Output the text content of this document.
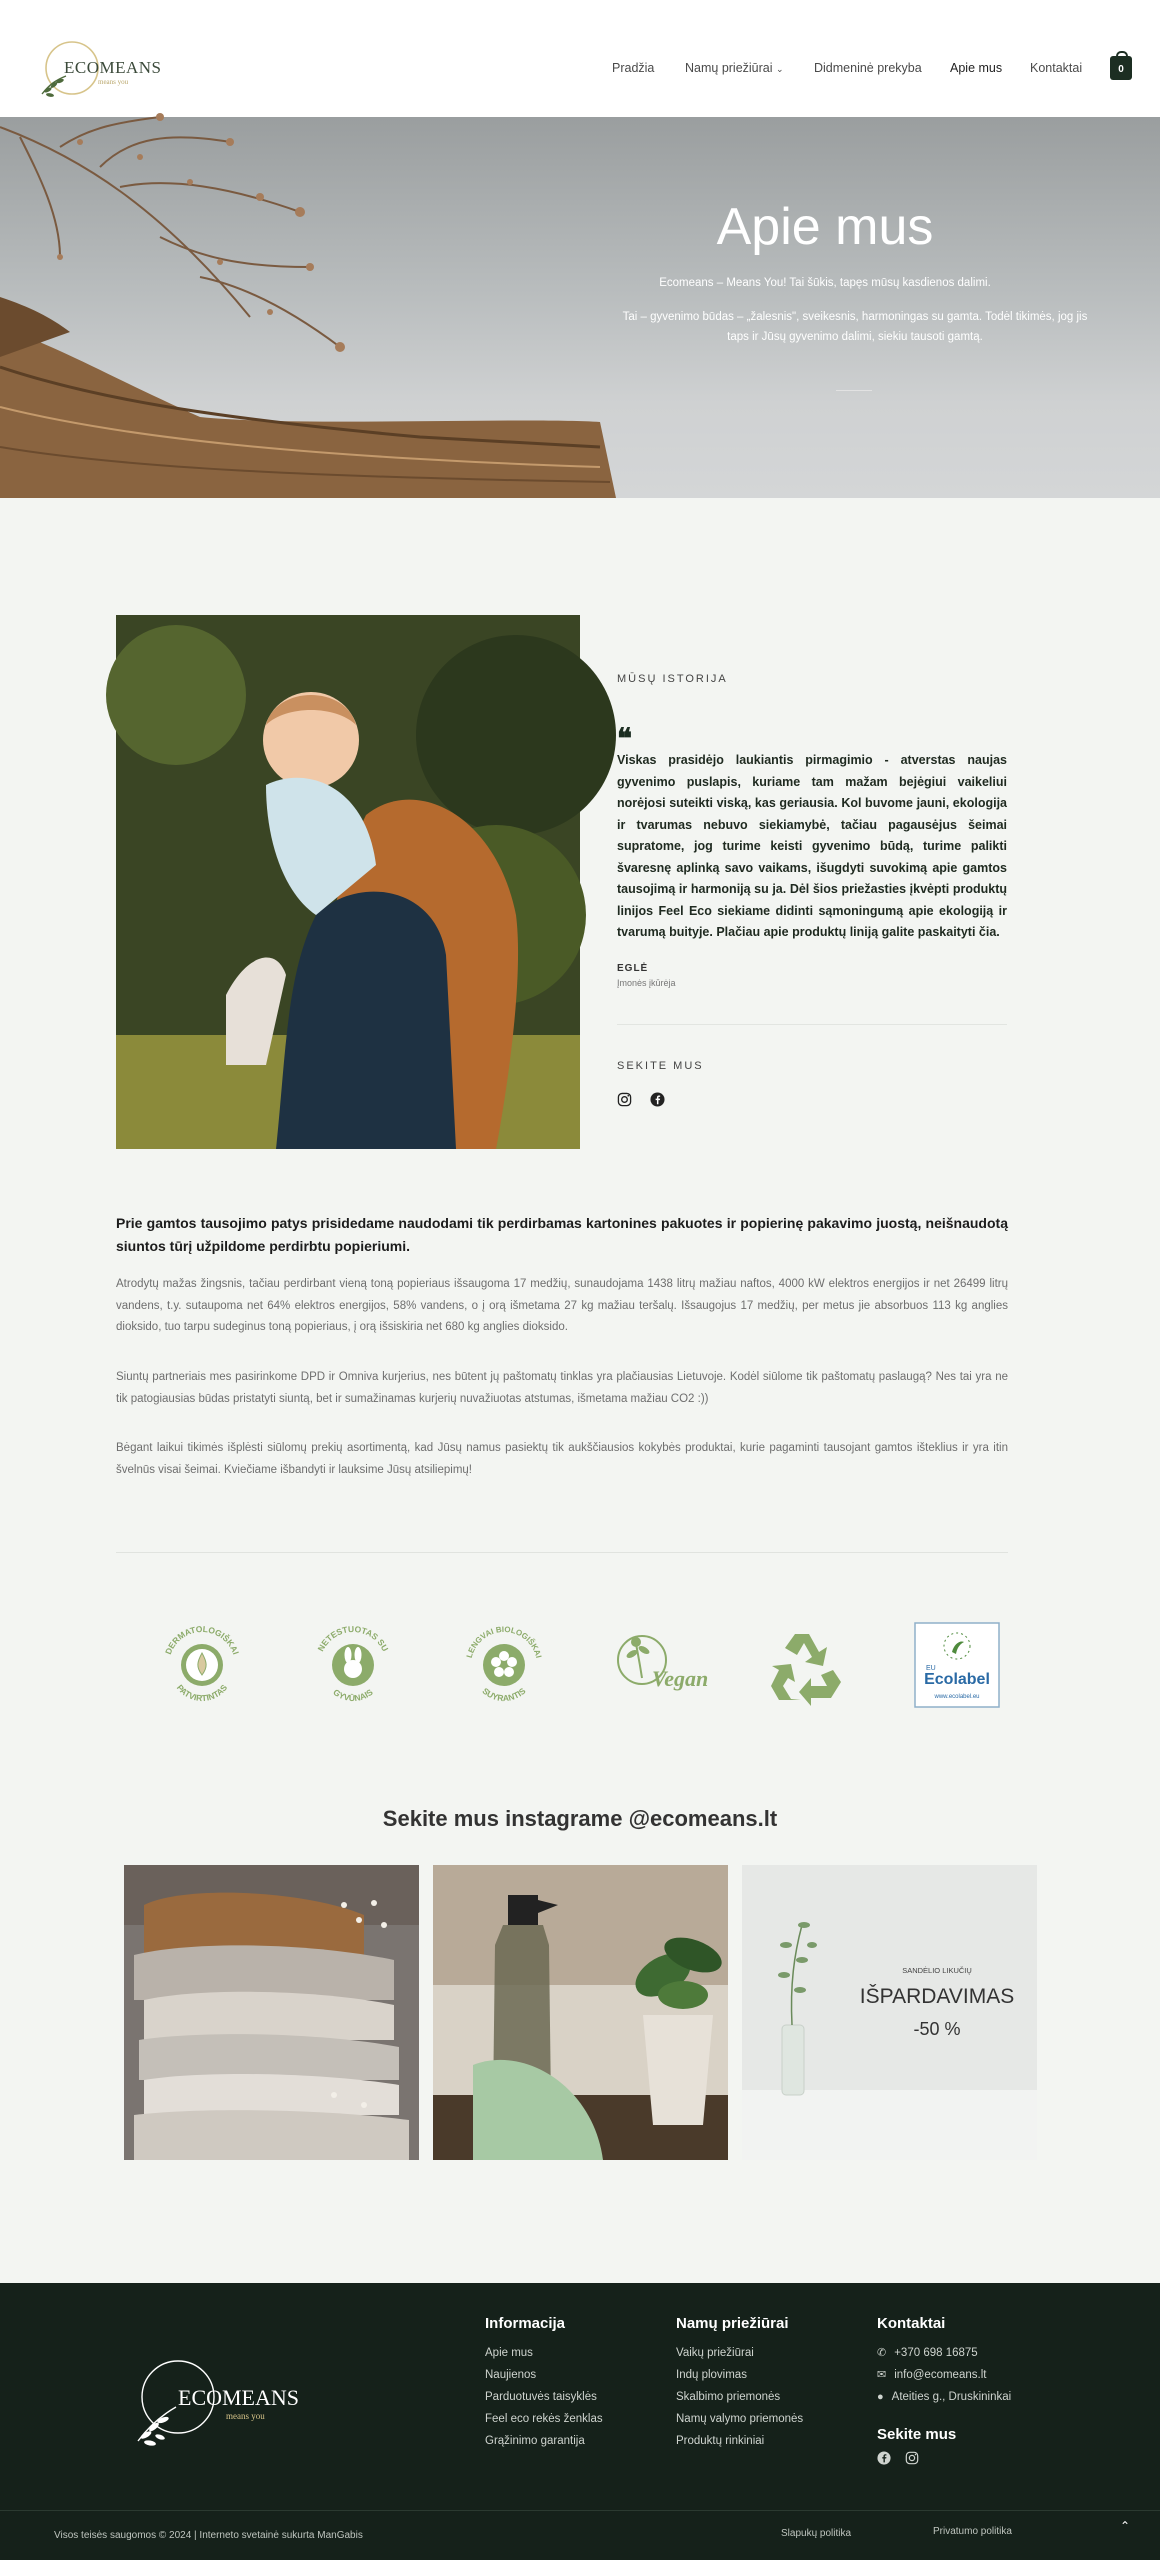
ECOMEANS
means you
Pradžia Namų priežiūrai ⌄ Didmeninė prekyba Apie mus Kontaktai	0
Apie mus

Ecomeans – Means You! Tai šūkis, tapęs mūsų kasdienos dalimi.

Tai – gyvenimo būdas – „žalesnis", sveikesnis, harmoningas su gamta. Todėl tikimės, jog jis taps ir Jūsų gyvenimo dalimi, siekiu tausoti gamtą.

MŪSŲ ISTORIJA
❝

Viskas prasidėjo laukiantis pirmagimio - atverstas naujas gyvenimo puslapis, kuriame tam mažam bejėgiui vaikeliui norėjosi suteikti viską, kas geriausia. Kol buvome jauni, ekologija ir tvarumas nebuvo siekiamybė, tačiau pagausėjus šeimai supratome, jog turime keisti gyvenimo būdą, turime palikti švaresnę aplinką savo vaikams, išugdyti suvokimą apie gamtos tausojimą ir harmoniją su ja. Dėl šios priežasties įkvėpti produktų linijos Feel Eco siekiame didinti sąmoningumą apie ekologiją ir tvarumą buityje. Plačiau apie produktų liniją galite paskaityti čia.

EGLĖ
Įmonės įkūrėja
SEKITE MUS

Prie gamtos tausojimo patys prisidedame naudodami tik perdirbamas kartonines pakuotes ir popierinę pakavimo juostą, neišnaudotą siuntos tūrį užpildome perdirbtu popieriumi.

Atrodytų mažas žingsnis, tačiau perdirbant vieną toną popieriaus išsaugoma 17 medžių, sunaudojama 1438 litrų mažiau naftos, 4000 kW elektros energijos ir net 26499 litrų vandens, t.y. sutaupoma net 64% elektros energijos, 58% vandens, o į orą išmetama 27 kg mažiau teršalų. Išsaugojus 17 medžių, per metus jie absorbuos 113 kg anglies dioksido, tuo tarpu sudeginus toną popieriaus, į orą išsiskiria net 680 kg anglies dioksido.

Siuntų partneriais mes pasirinkome DPD ir Omniva kurjerius, nes būtent jų paštomatų tinklas yra plačiausias Lietuvoje. Kodėl siūlome tik paštomatų paslaugą? Nes tai yra ne tik patogiausias būdas pristatyti siuntą, bet ir sumažinamas kurjerių nuvažiuotas atstumas, išmetama mažiau CO2 :))

Bėgant laikui tikimės išplėsti siūlomų prekių asortimentą, kad Jūsų namus pasiektų tik aukščiausios kokybės produktai, kurie pagaminti tausojant gamtos išteklius ir yra itin švelnūs visai šeimai. Kviečiame išbandyti ir lauksime Jūsų atsiliepimų!

DERMATOLOGIŠKAI
PATVIRTINTAS
NETESTUOTAS SU
GYVŪNAIS
LENGVAI BIOLOGIŠKAI
SUYRANTIS
Vegan	EU
Ecolabel
www.ecolabel.eu
Sekite mus instagrame @ecomeans.lt
SANDĖLIO LIKUČIŲ
IŠPARDAVIMAS
-50 %
ECOMEANS
means you
Informacija
Apie mus
Naujienos
Parduotuvės taisyklės
Feel eco rekės ženklas
Grąžinimo garantija
Namų priežiūrai
Vaikų priežiūrai
Indų plovimas
Skalbimo priemonės
Namų valymo priemonės
Produktų rinkiniai
Kontaktai
✆ +370 698 16875
✉ info@ecomeans.lt
● Ateities g., Druskininkai
Sekite mus
Visos teisės saugomos © 2024 | Interneto svetainė sukurta ManGabis	Slapukų politika	Privatumo politika	⌃
